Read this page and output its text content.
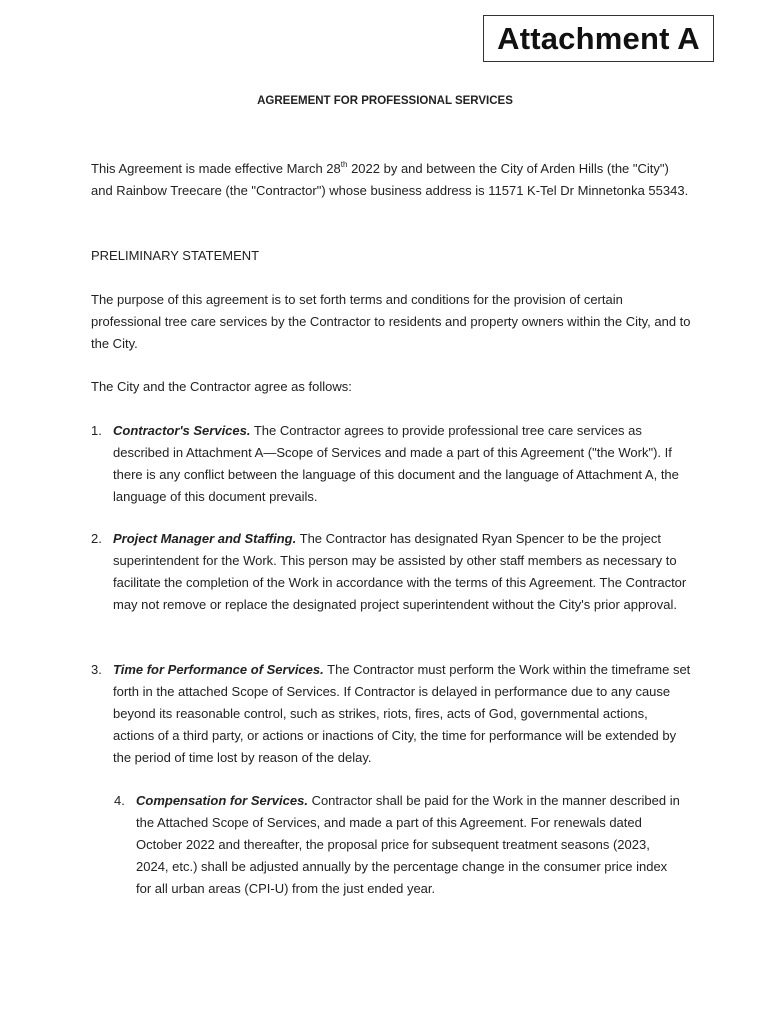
Attachment A
AGREEMENT FOR PROFESSIONAL SERVICES
This Agreement is made effective March 28th 2022 by and between the City of Arden Hills (the "City") and Rainbow Treecare (the "Contractor") whose business address is 11571 K-Tel Dr Minnetonka 55343.
PRELIMINARY STATEMENT
The purpose of this agreement is to set forth terms and conditions for the provision of certain professional tree care services by the Contractor to residents and property owners within the City, and to the City.
The City and the Contractor agree as follows:
1. Contractor's Services. The Contractor agrees to provide professional tree care services as described in Attachment A—Scope of Services and made a part of this Agreement ("the Work"). If there is any conflict between the language of this document and the language of Attachment A, the language of this document prevails.
2. Project Manager and Staffing. The Contractor has designated Ryan Spencer to be the project superintendent for the Work. This person may be assisted by other staff members as necessary to facilitate the completion of the Work in accordance with the terms of this Agreement. The Contractor may not remove or replace the designated project superintendent without the City's prior approval.
3. Time for Performance of Services. The Contractor must perform the Work within the timeframe set forth in the attached Scope of Services. If Contractor is delayed in performance due to any cause beyond its reasonable control, such as strikes, riots, fires, acts of God, governmental actions, actions of a third party, or actions or inactions of City, the time for performance will be extended by the period of time lost by reason of the delay.
4. Compensation for Services. Contractor shall be paid for the Work in the manner described in the Attached Scope of Services, and made a part of this Agreement. For renewals dated October 2022 and thereafter, the proposal price for subsequent treatment seasons (2023, 2024, etc.) shall be adjusted annually by the percentage change in the consumer price index for all urban areas (CPI-U) from the just ended year.
